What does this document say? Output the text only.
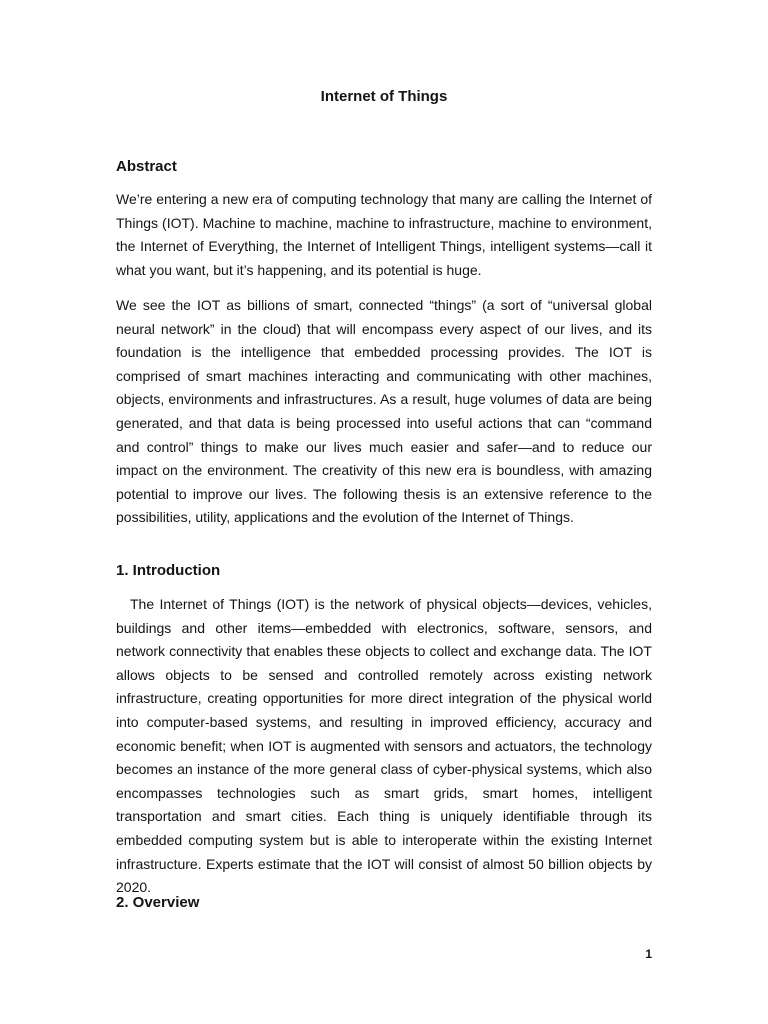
Internet of Things
Abstract

We’re entering a new era of computing technology that many are calling the Internet of Things (IOT). Machine to machine, machine to infrastructure, machine to environment, the Internet of Everything, the Internet of Intelligent Things, intelligent systems—call it what you want, but it’s happening, and its potential is huge.

We see the IOT as billions of smart, connected “things” (a sort of “universal global neural network” in the cloud) that will encompass every aspect of our lives, and its foundation is the intelligence that embedded processing provides. The IOT is comprised of smart machines interacting and communicating with other machines, objects, environments and infrastructures. As a result, huge volumes of data are being generated, and that data is being processed into useful actions that can “command and control” things to make our lives much easier and safer—and to reduce our impact on the environment. The creativity of this new era is boundless, with amazing potential to improve our lives. The following thesis is an extensive reference to the possibilities, utility, applications and the evolution of the Internet of Things.

1. Introduction

The Internet of Things (IOT) is the network of physical objects—devices, vehicles, buildings and other items—embedded with electronics, software, sensors, and network connectivity that enables these objects to collect and exchange data. The IOT allows objects to be sensed and controlled remotely across existing network infrastructure, creating opportunities for more direct integration of the physical world into computer-based systems, and resulting in improved efficiency, accuracy and economic benefit; when IOT is augmented with sensors and actuators, the technology becomes an instance of the more general class of cyber-physical systems, which also encompasses technologies such as smart grids, smart homes, intelligent transportation and smart cities. Each thing is uniquely identifiable through its embedded computing system but is able to interoperate within the existing Internet infrastructure. Experts estimate that the IOT will consist of almost 50 billion objects by 2020.

2. Overview
1
